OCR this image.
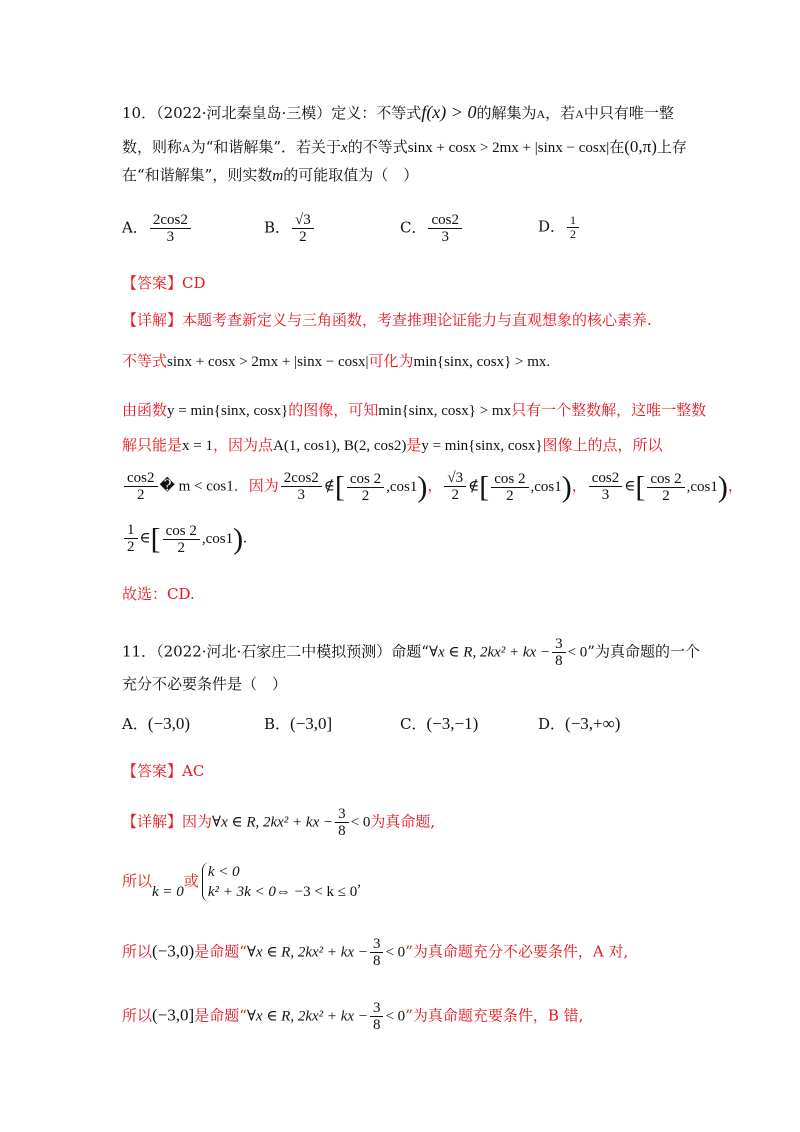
10．（2022·河北秦皇岛·三模）定义：不等式f(x) > 0的解集为A，若A中只有唯一整
数，则称A为“和谐解集”．若关于x的不等式sinx + cosx > 2mx + |sinx − cosx|在(0,π)上存
在“和谐解集”，则实数m的可能取值为（　）
A． $\frac{2\cos 2}{3}$	B． $\frac{√3}{2}$	C． $\frac{\cos 2}{3}$	D． $\frac{1}{2}$
【答案】CD
【详解】本题考查新定义与三角函数，考查推理论证能力与直观想象的核心素养.
不等式sinx + cosx > 2mx + |sinx − cosx|可化为min{sinx, cosx} > mx.
由函数y = min{sinx, cosx}的图像，可知min{sinx, cosx} > mx只有一个整数解，这唯一整数
解只能是x = 1，因为点A(1, cos1), B(2, cos2)是y = min{sinx, cosx}图像上的点，所以
$\frac{\cos 2}{2}$ � m < cos1．因为 $\frac{2\cos 2}{3}$ ∉[ $\frac{\cos 2}{2} ,\cos 1$)， $\frac{√3}{2}$ ∉[ $\frac{\cos 2}{2} ,\cos 1$)， $\frac{\cos 2}{3}$ ∈[ $\frac{\cos 2}{2} ,\cos 1$)，
$\frac{1}{2}$ ∈[ $\frac{\cos 2}{2} ,\cos 1$).
故选：CD.
11．（2022·河北·石家庄二中模拟预测）命题“∀x ∈ R, 2kx² + kx − $\frac{3}{8} < 0$”为真命题的一个
充分不必要条件是（　）
A．(−3,0)	B．(−3,0]	C．(−3,−1)	D．(−3,+∞)
【答案】AC
【详解】因为∀x ∈ R, 2kx² + kx − $\frac{3}{8} < 0$为真命题,
所以k = 0或 k < 0
k² + 3k < 0 ⇔ −3 < k ≤ 0,
所以(−3,0)是命题“∀x ∈ R, 2kx² + kx − $\frac{3}{8} < 0$”为真命题充分不必要条件，A 对,
所以(−3,0]是命题“∀x ∈ R, 2kx² + kx − $\frac{3}{8} < 0$”为真命题充要条件，B 错,
